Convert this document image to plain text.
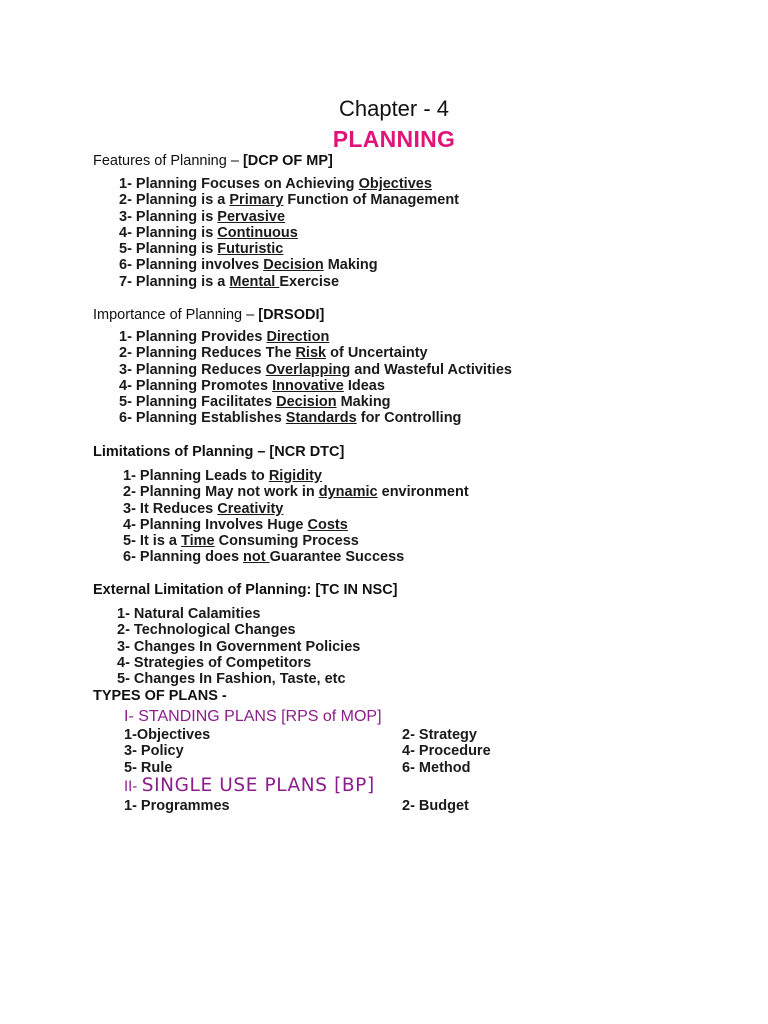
Chapter - 4
PLANNING
Features of Planning – [DCP OF MP]
1- Planning Focuses on Achieving Objectives
2- Planning is a Primary Function of Management
3- Planning is Pervasive
4- Planning is Continuous
5- Planning is Futuristic
6- Planning involves Decision Making
7- Planning is a Mental Exercise
Importance of Planning – [DRSODI]
1- Planning Provides Direction
2- Planning Reduces The Risk of Uncertainty
3- Planning Reduces Overlapping and Wasteful Activities
4- Planning Promotes Innovative Ideas
5- Planning Facilitates Decision Making
6- Planning Establishes Standards for Controlling
Limitations of Planning – [NCR DTC]
1- Planning Leads to Rigidity
2- Planning May not work in dynamic environment
3- It Reduces Creativity
4- Planning Involves Huge Costs
5- It is a Time Consuming Process
6- Planning does not Guarantee Success
External Limitation of Planning: [TC IN NSC]
1- Natural Calamities
2- Technological Changes
3- Changes In Government Policies
4- Strategies of Competitors
5- Changes In Fashion, Taste, etc
TYPES OF PLANS -
I- STANDING PLANS [RPS of MOP]
1-Objectives	2- Strategy
3- Policy	4- Procedure
5- Rule	6- Method
II- SINGLE USE PLANS [BP]
1- Programmes	2- Budget
